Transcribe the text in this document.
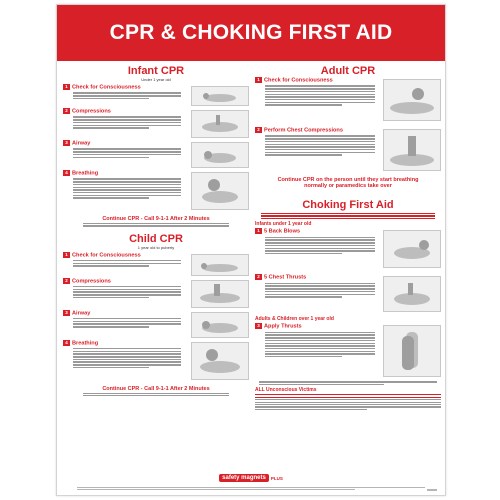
CPR & CHOKING FIRST AID

Infant CPR

Under 1 year old

1 Check for Consciousness

2 Compressions

3 Airway

4 Breathing

Continue CPR - Call 9-1-1 After 2 Minutes

Child CPR

1 year old to puberty

1 Check for Consciousness

2 Compressions

3 Airway

4 Breathing

Continue CPR - Call 9-1-1 After 2 Minutes

Adult CPR

1 Check for Consciousness

2 Perform Chest Compressions

Continue CPR on the person until they start breathing normally or paramedics take over

Choking First Aid

Infants under 1 year old

1 5 Back Blows

2 5 Chest Thrusts

Adults & Children over 1 year old

3 Apply Thrusts

ALL Unconscious Victims

safety magnets	PLUS
